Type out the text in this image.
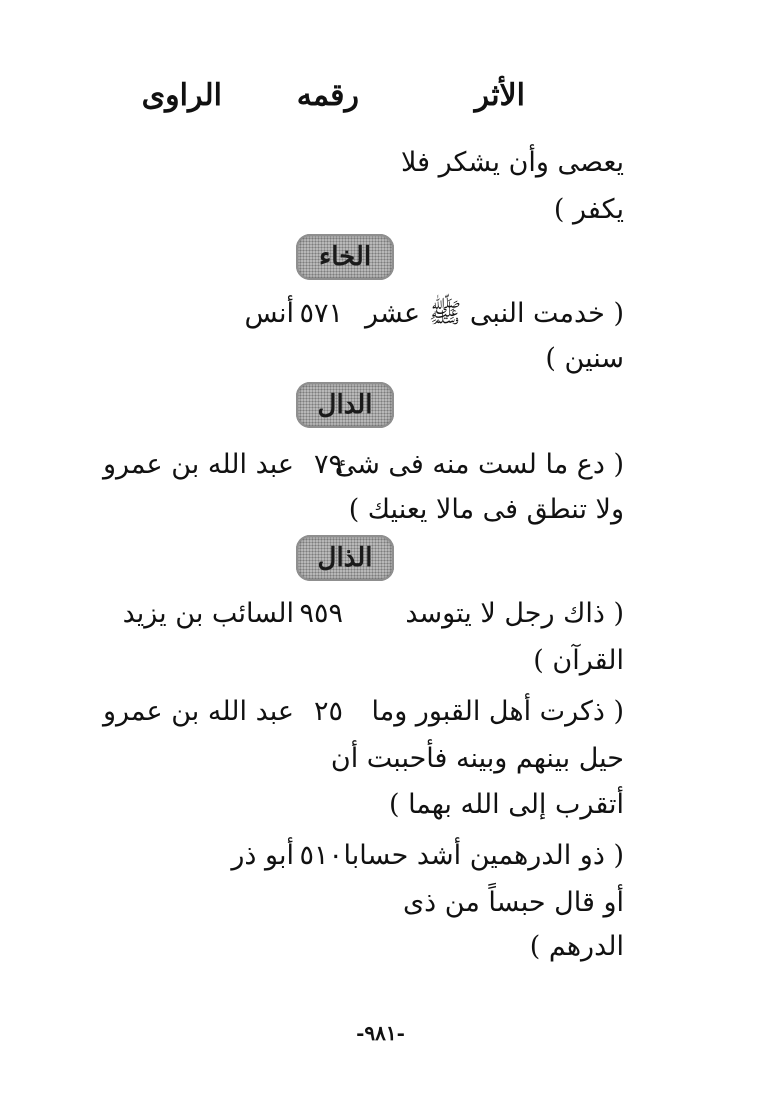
الأثر
رقمه
الراوى
يعصى وأن يشكر فلا
يكفر )
الخاء
( خدمت النبى ﷺ عشر
٥٧١
أنس
سنين )
الدال
( دع ما لست منه فى شئ
٧٩
عبد الله بن عمرو
ولا تنطق فى مالا يعنيك )
الذال
( ذاك رجل لا يتوسد
٩٥٩
السائب بن يزيد
القرآن )
( ذكرت أهل القبور وما
٢٥
عبد الله بن عمرو
حيل بينهم وبينه فأحببت أن
أتقرب إلى الله بهما )
( ذو الدرهمين أشد حسابا
٥١٠
أبو ذر
أو قال حبساً من ذى
الدرهم )
-٩٨١-
